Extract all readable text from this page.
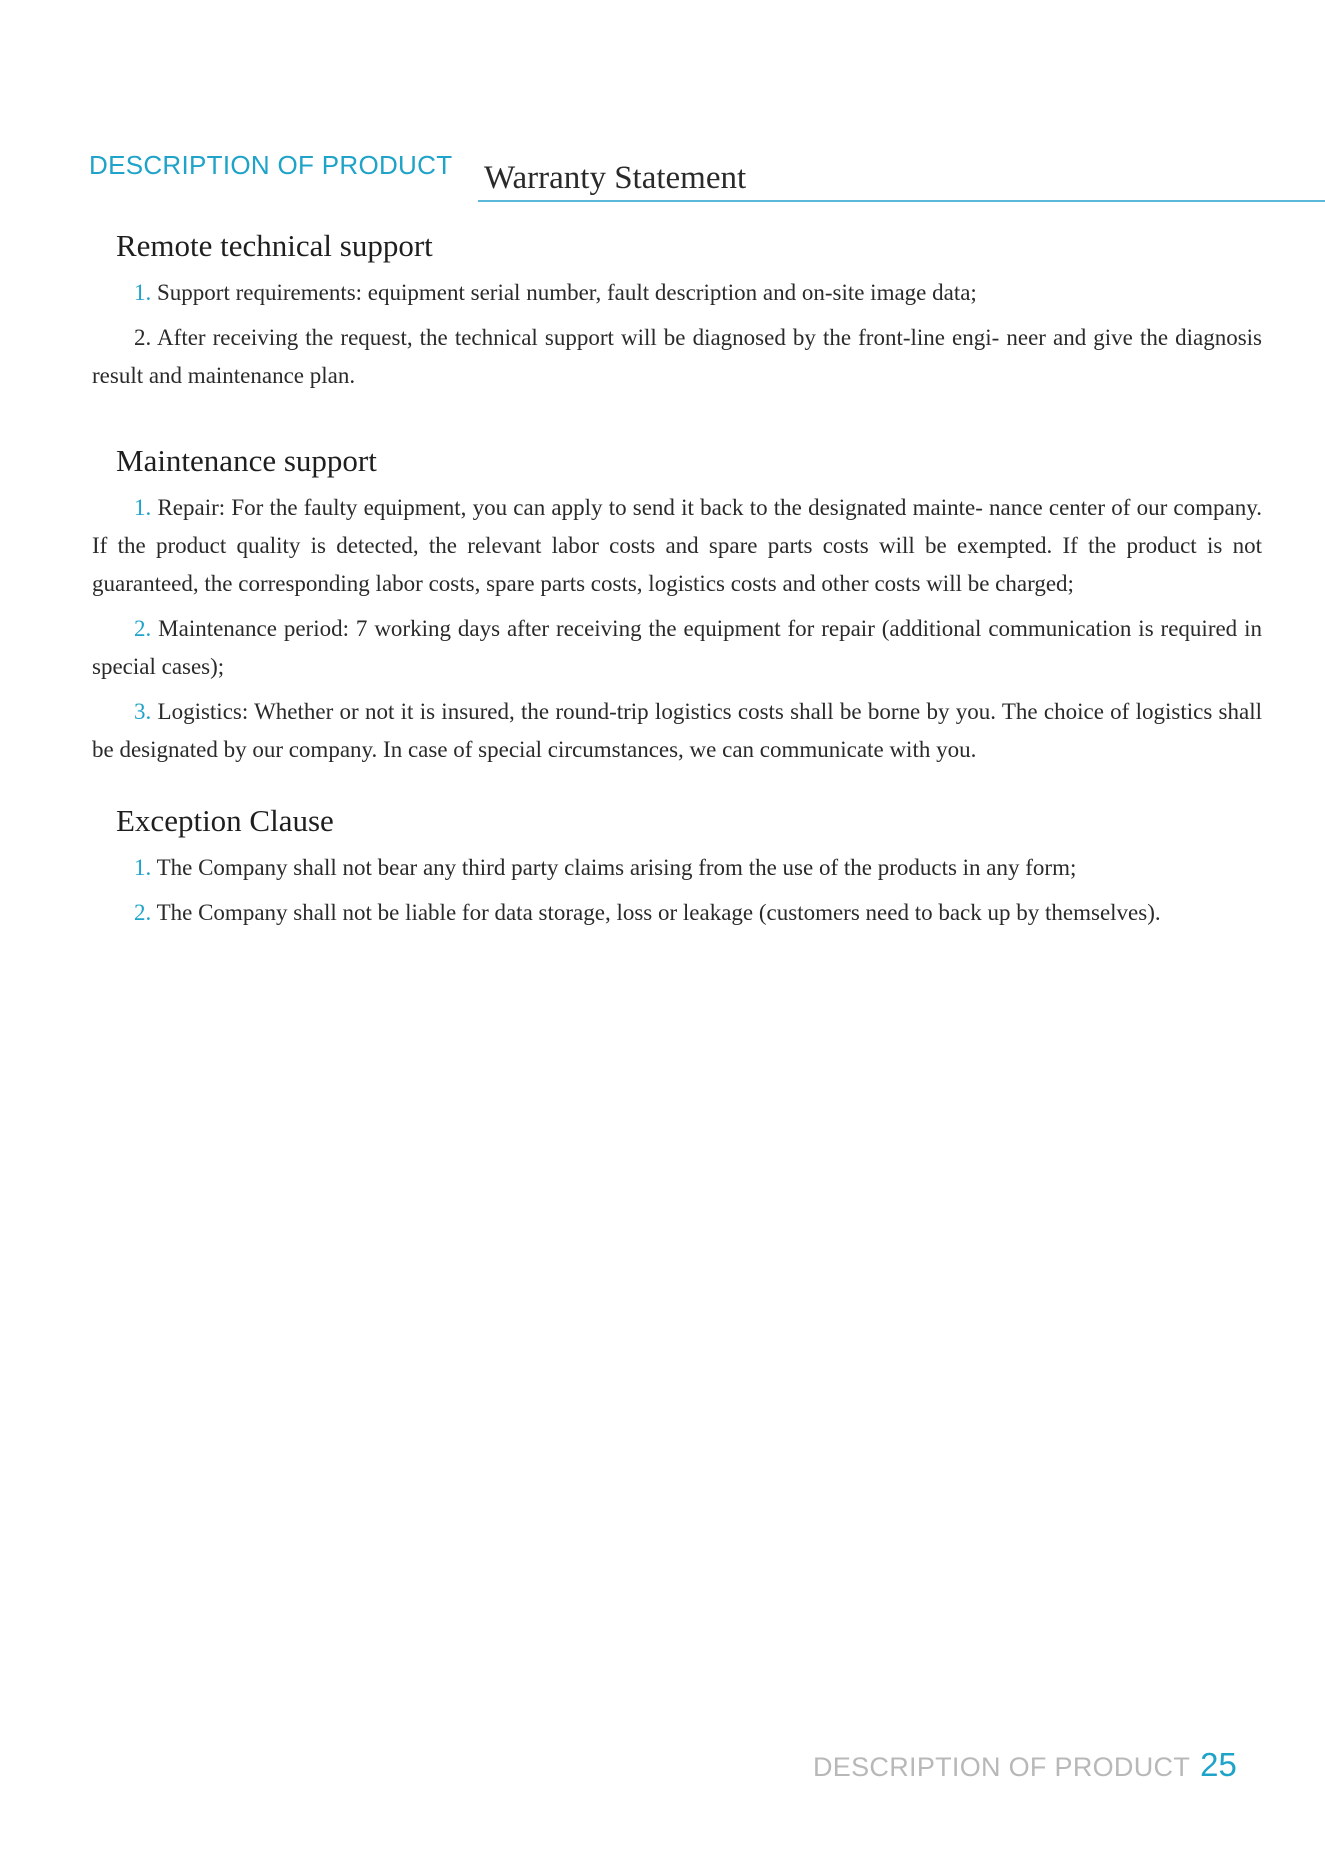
DESCRIPTION OF PRODUCT Warranty Statement
Remote technical support

1. Support requirements: equipment serial number, fault description and on-site image data;

2. After receiving the request, the technical support will be diagnosed by the front-line engi- neer and give the diagnosis result and maintenance plan.

Maintenance support

1. Repair: For the faulty equipment, you can apply to send it back to the designated mainte- nance center of our company. If the product quality is detected, the relevant labor costs and spare parts costs will be exempted. If the product is not guaranteed, the corresponding labor costs, spare parts costs, logistics costs and other costs will be charged;

2. Maintenance period: 7 working days after receiving the equipment for repair (additional communication is required in special cases);

3. Logistics: Whether or not it is insured, the round-trip logistics costs shall be borne by you. The choice of logistics shall be designated by our company. In case of special circumstances, we can communicate with you.

Exception Clause

1. The Company shall not bear any third party claims arising from the use of the products in any form;

2. The Company shall not be liable for data storage, loss or leakage (customers need to back up by themselves).

DESCRIPTION OF PRODUCT 25
